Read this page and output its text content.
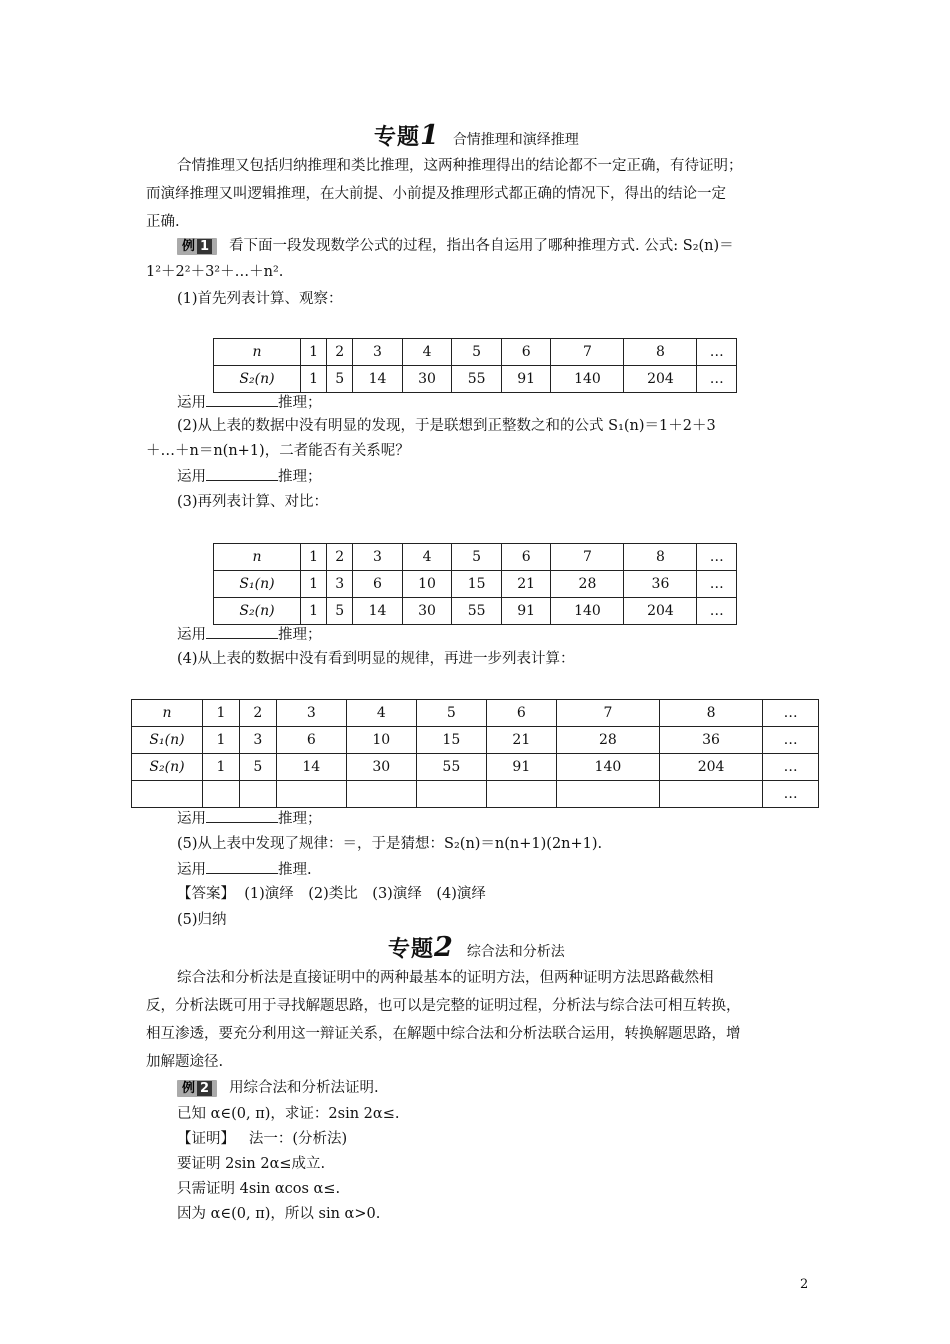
专题1 合情推理和演绎推理
合情推理又包括归纳推理和类比推理，这两种推理得出的结论都不一定正确，有待证明；
而演绎推理又叫逻辑推理，在大前提、小前提及推理形式都正确的情况下，得出的结论一定
正确.
例 1 看下面一段发现数学公式的过程，指出各自运用了哪种推理方式. 公式: S₂(n)＝
1²＋2²＋3²＋…＋n².
(1)首先列表计算、观察：
n	1	2	3	4	5	6	7	8	…
S₂(n)	1	5	14	30	55	91	140	204	…
运用	推理；
(2)从上表的数据中没有明显的发现，于是联想到正整数之和的公式 S₁(n)＝1＋2＋3
＋…＋n＝n(n+1)，二者能否有关系呢？
运用	推理；
(3)再列表计算、对比：
n	1	2	3	4	5	6	7	8	…
S₁(n)	1	3	6	10	15	21	28	36	…
S₂(n)	1	5	14	30	55	91	140	204	…
运用	推理；
(4)从上表的数据中没有看到明显的规律，再进一步列表计算：
n	1	2	3	4	5	6	7	8	…
S₁(n)	1	3	6	10	15	21	28	36	…
S₂(n)	1	5	14	30	55	91	140	204	…
									…
运用	推理；
(5)从上表中发现了规律：＝，于是猜想：S₂(n)＝n(n+1)(2n+1).
运用	推理.
【答案】 (1)演绎　(2)类比　(3)演绎　(4)演绎
(5)归纳
专题2 综合法和分析法
综合法和分析法是直接证明中的两种最基本的证明方法，但两种证明方法思路截然相
反，分析法既可用于寻找解题思路，也可以是完整的证明过程，分析法与综合法可相互转换，
相互渗透，要充分利用这一辩证关系，在解题中综合法和分析法联合运用，转换解题思路，增
加解题途径.
例 2 用综合法和分析法证明.
已知 α∈(0, π)，求证：2sin 2α≤.
【证明】 法一：(分析法)
要证明 2sin 2α≤成立.
只需证明 4sin αcos α≤.
因为 α∈(0, π)，所以 sin α>0.
2
